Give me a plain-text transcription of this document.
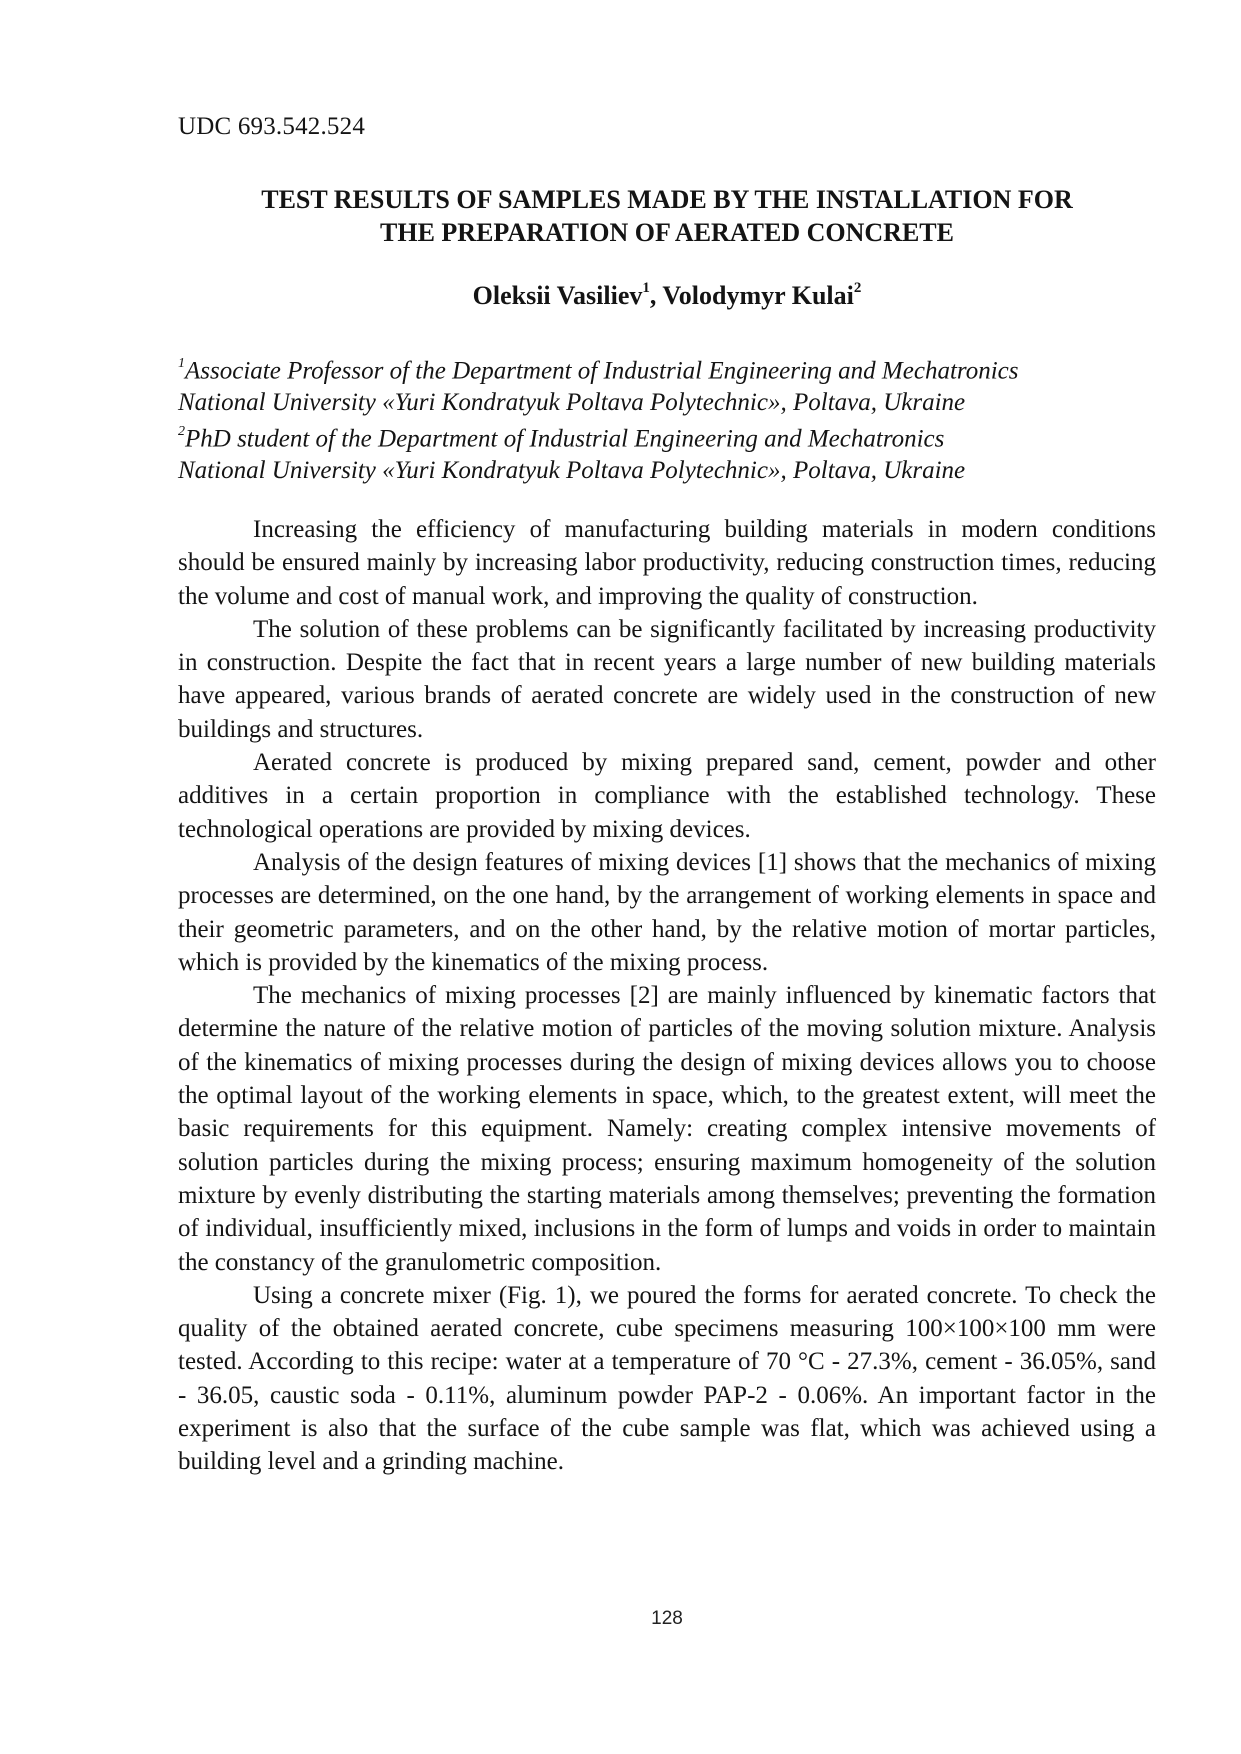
UDC 693.542.524
TEST RESULTS OF SAMPLES MADE BY THE INSTALLATION FOR
THE PREPARATION OF AERATED CONCRETE
Oleksii Vasiliev$^1$, Volodymyr Kulai$^2$

$^1$Associate Professor of the Department of Industrial Engineering and Mechatronics

National University «Yuri Kondratyuk Poltava Polytechnic», Poltava, Ukraine

$^2$PhD student of the Department of Industrial Engineering and Mechatronics

National University «Yuri Kondratyuk Poltava Polytechnic», Poltava, Ukraine

Increasing the efficiency of manufacturing building materials in modern conditions should be ensured mainly by increasing labor productivity, reducing construction times, reducing the volume and cost of manual work, and improving the quality of construction.

The solution of these problems can be significantly facilitated by increasing productivity in construction. Despite the fact that in recent years a large number of new building materials have appeared, various brands of aerated concrete are widely used in the construction of new buildings and structures.

Aerated concrete is produced by mixing prepared sand, cement, powder and other additives in a certain proportion in compliance with the established technology. These technological operations are provided by mixing devices.

Analysis of the design features of mixing devices [1] shows that the mechanics of mixing processes are determined, on the one hand, by the arrangement of working elements in space and their geometric parameters, and on the other hand, by the relative motion of mortar particles, which is provided by the kinematics of the mixing process.

The mechanics of mixing processes [2] are mainly influenced by kinematic factors that determine the nature of the relative motion of particles of the moving solution mixture. Analysis of the kinematics of mixing processes during the design of mixing devices allows you to choose the optimal layout of the working elements in space, which, to the greatest extent, will meet the basic requirements for this equipment. Namely: creating complex intensive movements of solution particles during the mixing process; ensuring maximum homogeneity of the solution mixture by evenly distributing the starting materials among themselves; preventing the formation of individual, insufficiently mixed, inclusions in the form of lumps and voids in order to maintain the constancy of the granulometric composition.

Using a concrete mixer (Fig. 1), we poured the forms for aerated concrete. To check the quality of the obtained aerated concrete, cube specimens measuring 100×100×100 mm were tested. According to this recipe: water at a temperature of 70 °C - 27.3%, cement - 36.05%, sand - 36.05, caustic soda - 0.11%, aluminum powder PAP-2 - 0.06%. An important factor in the experiment is also that the surface of the cube sample was flat, which was achieved using a building level and a grinding machine.

128
